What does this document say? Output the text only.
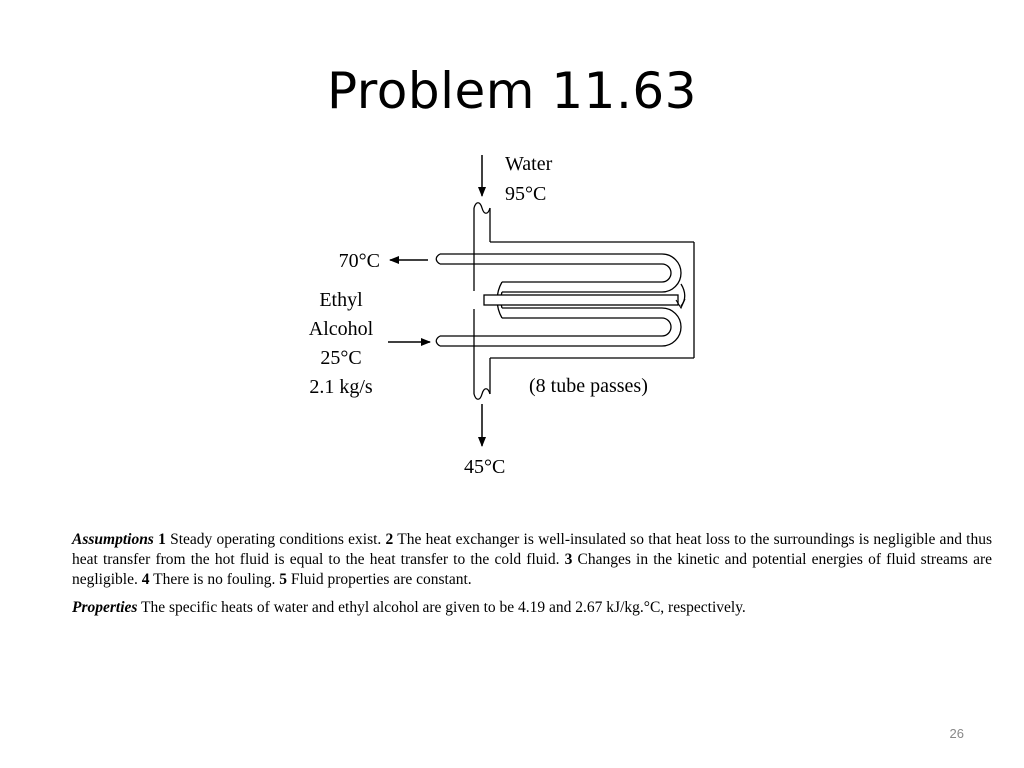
Problem 11.63
Water
95°C
70°C
Ethyl
Alcohol
25°C
2.1 kg/s	(8 tube passes)
45°C

Assumptions 1 Steady operating conditions exist. 2 The heat exchanger is well-insulated so that heat loss to the surroundings is negligible and thus heat transfer from the hot fluid is equal to the heat transfer to the cold fluid. 3 Changes in the kinetic and potential energies of fluid streams are negligible. 4 There is no fouling. 5 Fluid properties are constant.

Properties The specific heats of water and ethyl alcohol are given to be 4.19 and 2.67 kJ/kg.°C, respectively.

26
